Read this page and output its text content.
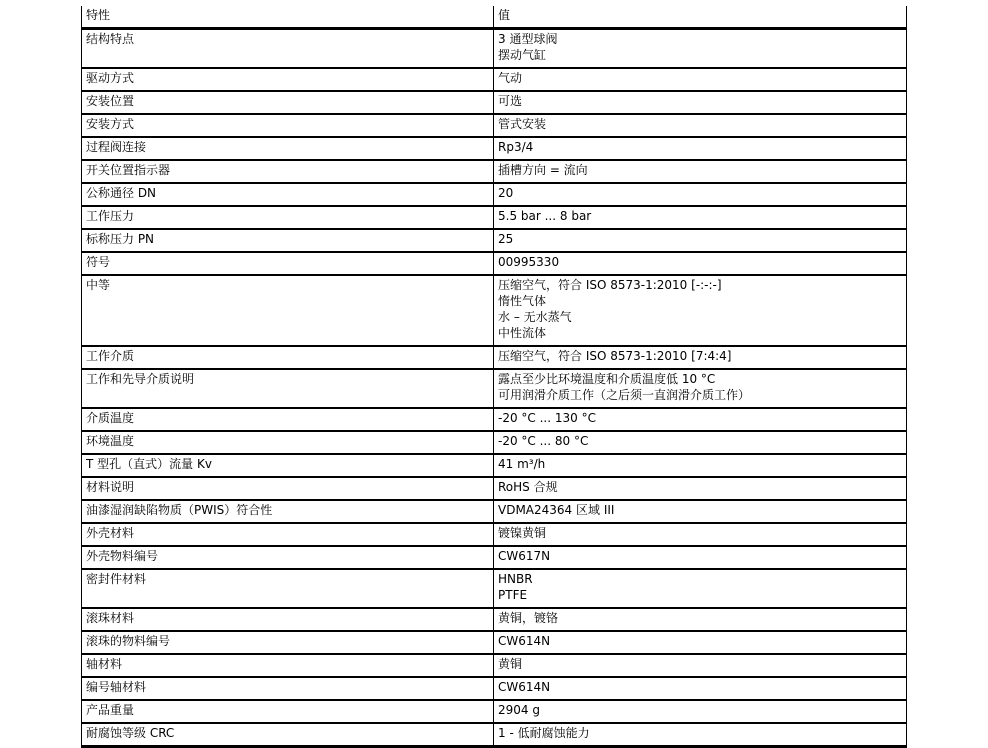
特性	值
结构特点	3 通型球阀
摆动气缸

驱动方式	气动

安装位置	可选

安装方式	管式安装

过程阀连接	Rp3/4

开关位置指示器	插槽方向 = 流向

公称通径 DN	20

工作压力	5.5 bar ... 8 bar

标称压力 PN	25

符号	00995330

中等	压缩空气，符合 ISO 8573-1:2010 [-:-:-]
惰性气体
水 – 无水蒸气
中性流体

工作介质	压缩空气，符合 ISO 8573-1:2010 [7:4:4]

工作和先导介质说明	露点至少比环境温度和介质温度低 10 °C
可用润滑介质工作（之后须一直润滑介质工作）

介质温度	-20 °C ... 130 °C

环境温度	-20 °C ... 80 °C

T 型孔（直式）流量 Kv	41 m³/h

材料说明	RoHS 合规

油漆湿润缺陷物质（PWIS）符合性	VDMA24364 区域 III

外壳材料	镀镍黄铜

外壳物料编号	CW617N

密封件材料	HNBR
PTFE

滚珠材料	黄铜，镀铬

滚珠的物料编号	CW614N

轴材料	黄铜

编号轴材料	CW614N

产品重量	2904 g

耐腐蚀等级 CRC	1 - 低耐腐蚀能力
